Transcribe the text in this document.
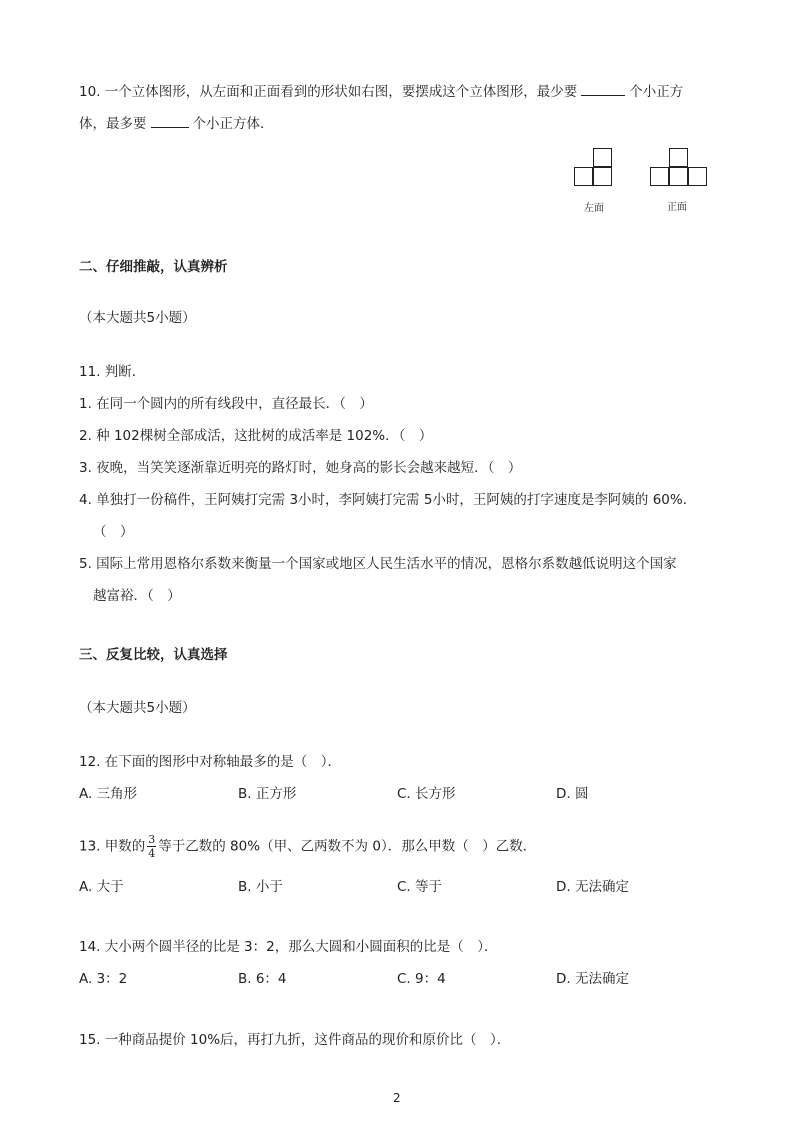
10. 一个立体图形，从左面和正面看到的形状如右图，要摆成这个立体图形，最少要	个小正方
体，最多要	个小正方体．
左面	正面
二、仔细推敲，认真辨析
（本大题共5小题）
11. 判断．
1. 在同一个圆内的所有线段中，直径最长．（　）
2. 种 102棵树全部成活，这批树的成活率是 102%．（　）
3. 夜晚，当笑笑逐渐靠近明亮的路灯时，她身高的影长会越来越短．（　）
4. 单独打一份稿件，王阿姨打完需 3小时，李阿姨打完需 5小时，王阿姨的打字速度是李阿姨的 60%．
（　）
5. 国际上常用恩格尔系数来衡量一个国家或地区人民生活水平的情况，恩格尔系数越低说明这个国家
越富裕．（　）
三、反复比较，认真选择
（本大题共5小题）
12. 在下面的图形中对称轴最多的是（　）．
A. 三角形	B. 正方形	C. 长方形	D. 圆
13. 甲数的 $\frac{3}{4}$ 等于乙数的 80%（甲、乙两数不为 0）．那么甲数（　）乙数．
A. 大于	B. 小于	C. 等于	D. 无法确定
14. 大小两个圆半径的比是 3：2，那么大圆和小圆面积的比是（　）．
A. 3：2	B. 6：4	C. 9：4	D. 无法确定
15. 一种商品提价 10%后，再打九折，这件商品的现价和原价比（　）．
2
